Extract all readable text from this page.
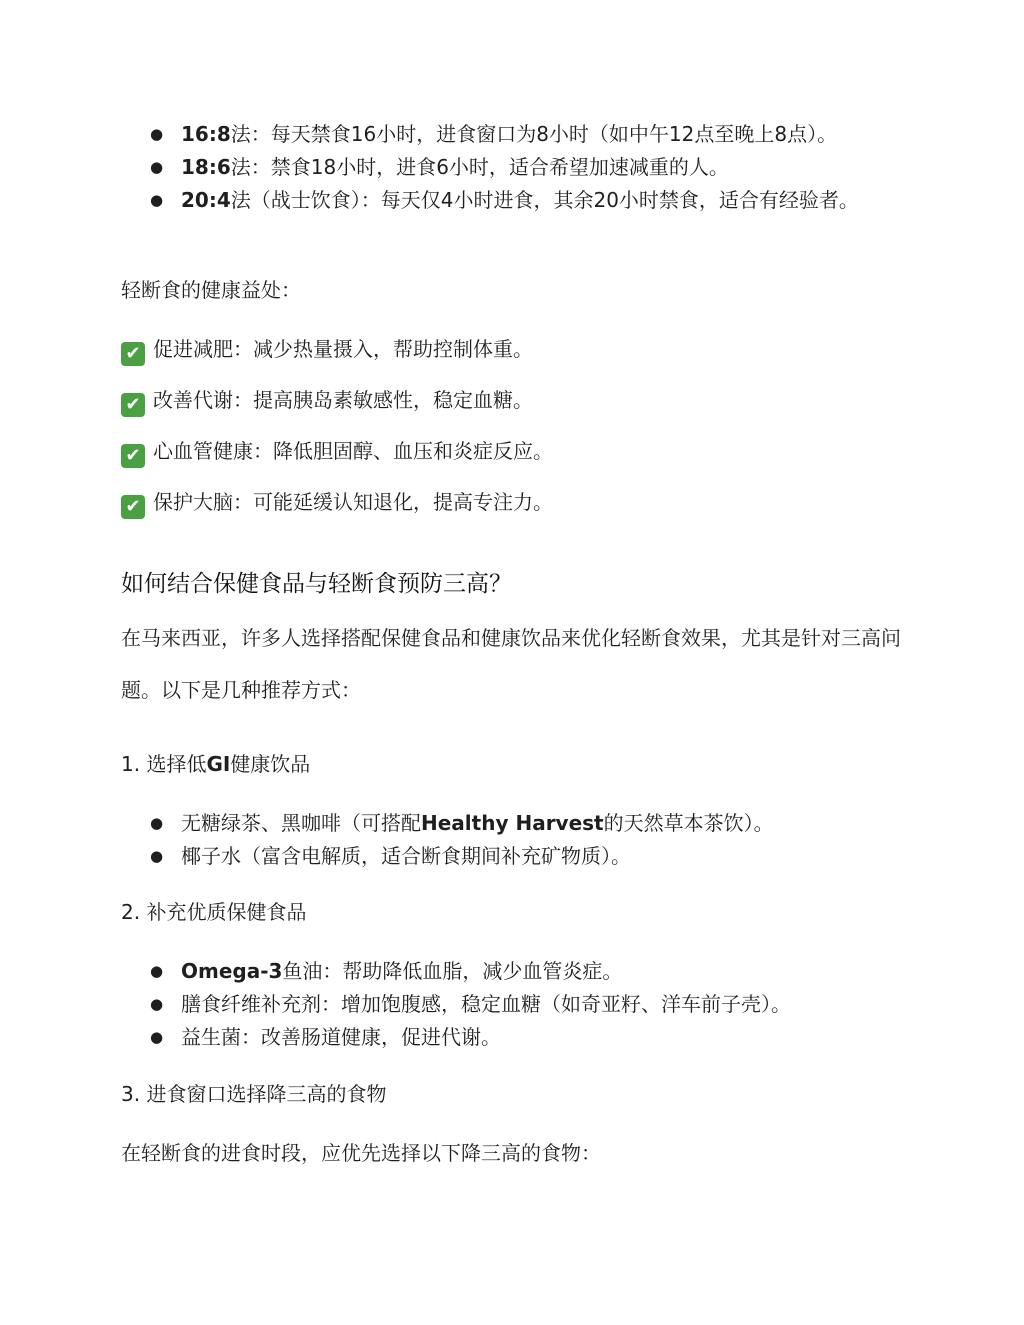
● 16:8法：每天禁食16小时，进食窗口为8小时（如中午12点至晚上8点）。
● 18:6法：禁食18小时，进食6小时，适合希望加速减重的人。
● 20:4法（战士饮食）：每天仅4小时进食，其余20小时禁食，适合有经验者。
轻断食的健康益处：
✔ 促进减肥：减少热量摄入，帮助控制体重。
✔ 改善代谢：提高胰岛素敏感性，稳定血糖。
✔ 心血管健康：降低胆固醇、血压和炎症反应。
✔ 保护大脑：可能延缓认知退化，提高专注力。
如何结合保健食品与轻断食预防三高？
在马来西亚，许多人选择搭配保健食品和健康饮品来优化轻断食效果，尤其是针对三高问题。以下是几种推荐方式：
1. 选择低GI健康饮品
● 无糖绿茶、黑咖啡（可搭配Healthy Harvest的天然草本茶饮）。
● 椰子水（富含电解质，适合断食期间补充矿物质）。
2. 补充优质保健食品
● Omega-3鱼油：帮助降低血脂，减少血管炎症。
● 膳食纤维补充剂：增加饱腹感，稳定血糖（如奇亚籽、洋车前子壳）。
● 益生菌：改善肠道健康，促进代谢。
3. 进食窗口选择降三高的食物
在轻断食的进食时段，应优先选择以下降三高的食物：
